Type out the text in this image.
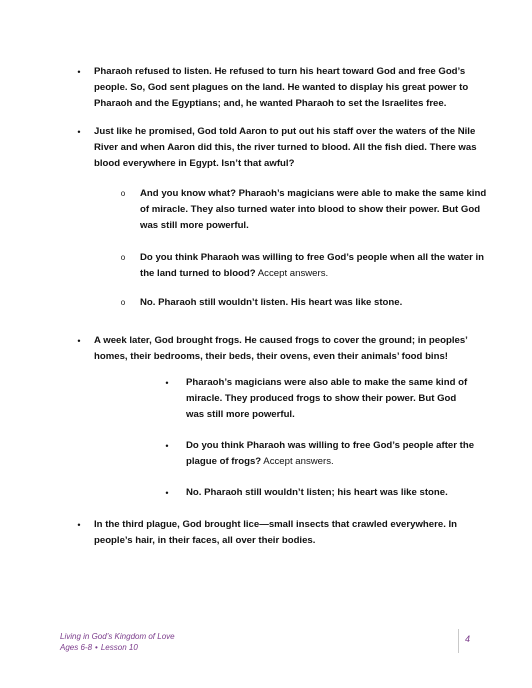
•	Pharaoh refused to listen. He refused to turn his heart toward God and free God’s people. So, God sent plagues on the land. He wanted to display his great power to Pharaoh and the Egyptians; and, he wanted Pharaoh to set the Israelites free.
•	Just like he promised, God told Aaron to put out his staff over the waters of the Nile River and when Aaron did this, the river turned to blood. All the fish died. There was blood everywhere in Egypt. Isn’t that awful?
o And you know what? Pharaoh’s magicians were able to make the same kind of miracle. They also turned water into blood to show their power. But God was still more powerful.
o Do you think Pharaoh was willing to free God’s people when all the water in the land turned to blood? Accept answers.
o No. Pharaoh still wouldn’t listen. His heart was like stone.
•	A week later, God brought frogs. He caused frogs to cover the ground; in peoples’ homes, their bedrooms, their beds, their ovens, even their animals’ food bins!
•	Pharaoh’s magicians were also able to make the same kind of miracle. They produced frogs to show their power. But God was still more powerful.
•	Do you think Pharaoh was willing to free God’s people after the plague of frogs? Accept answers.
•	No. Pharaoh still wouldn’t listen; his heart was like stone.
•	In the third plague, God brought lice—small insects that crawled everywhere. In people’s hair, in their faces, all over their bodies.
Living in God’s Kingdom of Love
Ages 6-8 • Lesson 10
4
